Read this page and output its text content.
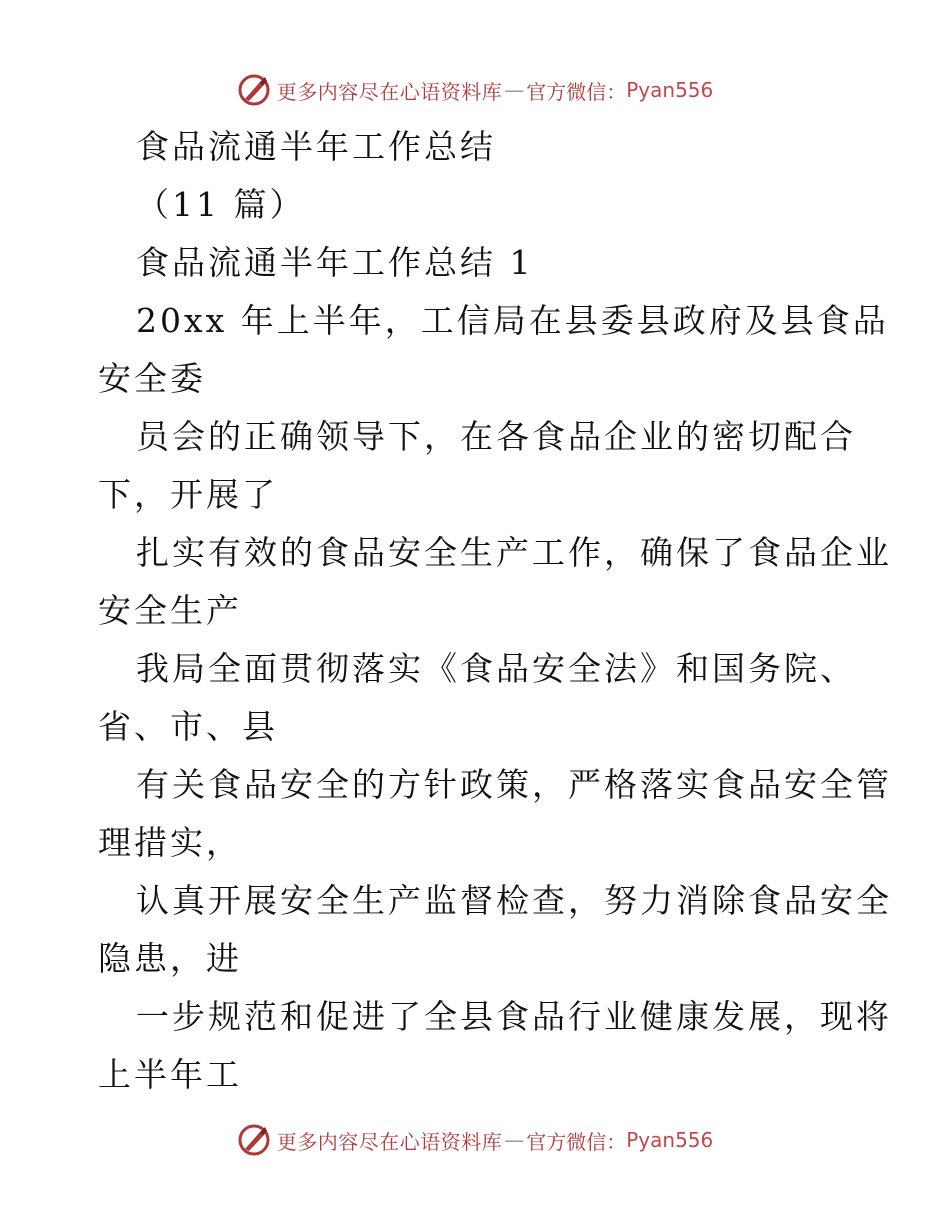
更多内容尽在心语资料库 — 官方微信： Pyan556
食品流通半年工作总结
（11 篇）
食品流通半年工作总结 1
20xx 年上半年，工信局在县委县政府及县食品
安全委
员会的正确领导下，在各食品企业的密切配合
下，开展了
扎实有效的食品安全生产工作，确保了食品企业
安全生产
我局全面贯彻落实《食品安全法》和国务院、
省、市、县
有关食品安全的方针政策，严格落实食品安全管
理措实，
认真开展安全生产监督检查，努力消除食品安全
隐患，进
一步规范和促进了全县食品行业健康发展，现将
上半年工
更多内容尽在心语资料库 — 官方微信： Pyan556
